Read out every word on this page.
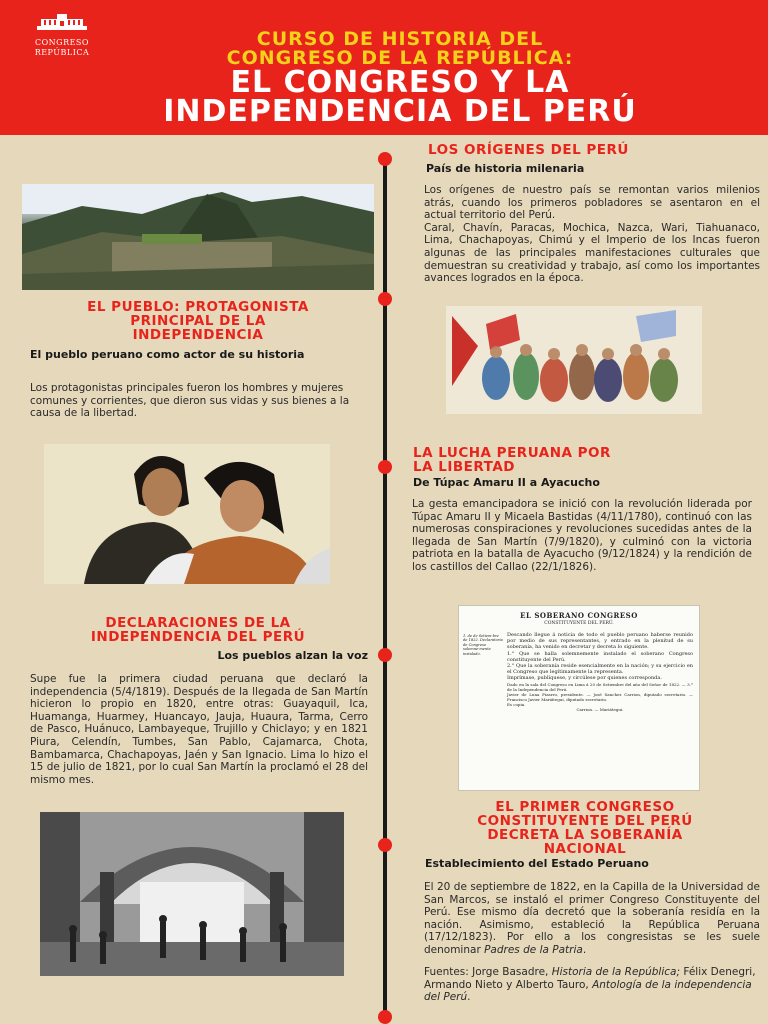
CONGRESO
REPÚBLICA
CURSO DE HISTORIA DEL
CONGRESO DE LA REPÚBLICA:
EL CONGRESO Y LA
INDEPENDENCIA DEL PERÚ
LOS ORÍGENES DEL PERÚ
País de historia milenaria
Los orígenes de nuestro país se remontan varios milenios atrás, cuando los primeros pobladores se asentaron en el actual territorio del Perú.
Caral, Chavín, Paracas, Mochica, Nazca, Wari, Tiahuanaco, Lima, Chachapoyas, Chimú y el Imperio de los Incas fueron algunas de las principales manifestaciones culturales que demuestran su creatividad y trabajo, así como los importantes avances logrados en la época.
EL PUEBLO: PROTAGONISTA
PRINCIPAL DE LA
INDEPENDENCIA
El pueblo peruano como actor de su historia
Los protagonistas principales fueron los hombres y mujeres comunes y corrientes, que dieron sus vidas y sus bienes a la causa de la libertad.
LA LUCHA PERUANA POR
LA LIBERTAD
De Túpac Amaru II a Ayacucho
La gesta emancipadora se inició con la revolución liderada por Túpac Amaru II y Micaela Bastidas (4/11/1780), continuó con las numerosas conspiraciones y revoluciones sucedidas antes de la llegada de San Martín (7/9/1820), y culminó con la victoria patriota en la batalla de Ayacucho (9/12/1824) y la rendición de los castillos del Callao (22/1/1826).
DECLARACIONES DE LA
INDEPENDENCIA DEL PERÚ
Los pueblos alzan la voz
Supe fue la primera ciudad peruana que declaró la independencia (5/4/1819). Después de la llegada de San Martín hicieron lo propio en 1820, entre otras: Guayaquil, Ica, Huamanga, Huarmey, Huancayo, Jauja, Huaura, Tarma, Cerro de Pasco, Huánuco, Lambayeque, Trujillo y Chiclayo; y en 1821 Piura, Celendín, Tumbes, San Pablo, Cajamarca, Chota, Bambamarca, Chachapoyas, Jaén y San Ignacio. Lima lo hizo el 15 de julio de 1821, por lo cual San Martín la proclamó el 28 del mismo mes.
EL SOBERANO CONGRESO
CONSTITUYENTE DEL PERÚ.
1. de de Setiem-bre de 1822. Declaratoria de Congreso solemne-mente instalado.
Descando llegue á noticia de todo el pueblo peruano haberse reunido por medio de sus representantes, y entrado en la plenitud de su soberanía, ha venido en decretar y decreta lo siguiente.
1.° Que se halla solemnemente instalado el soberano Congreso constituyente del Perú.
2.° Que la soberanía reside esencialmente en la nación; y su ejercicio en el Congreso que legítimamente la representa.
Imprímase, publíquese, y circúlese por quienes corresponda.
Dado en la sala del Congreso en Lima á 20 de Setiembre del año del Señor de 1822. — 3.° de la Independencia del Perú.
Javier de Luna Pizarro, presidente. — José Sanchez Carrion, diputado secretario. — Francisco Javier Mariátegui, diputado secretario.
Es copia.
Carrion. — Mariátegui.
EL PRIMER CONGRESO
CONSTITUYENTE DEL PERÚ
DECRETA LA SOBERANÍA
NACIONAL
Establecimiento del Estado Peruano
El 20 de septiembre de 1822, en la Capilla de la Universidad de San Marcos, se instaló el primer Congreso Constituyente del Perú. Ese mismo día decretó que la soberanía residía en la nación. Asimismo, estableció la República Peruana (17/12/1823). Por ello a los congresistas se les suele denominar Padres de la Patria.
Fuentes: Jorge Basadre, Historia de la República; Félix Denegri, Armando Nieto y Alberto Tauro, Antología de la independencia del Perú.
